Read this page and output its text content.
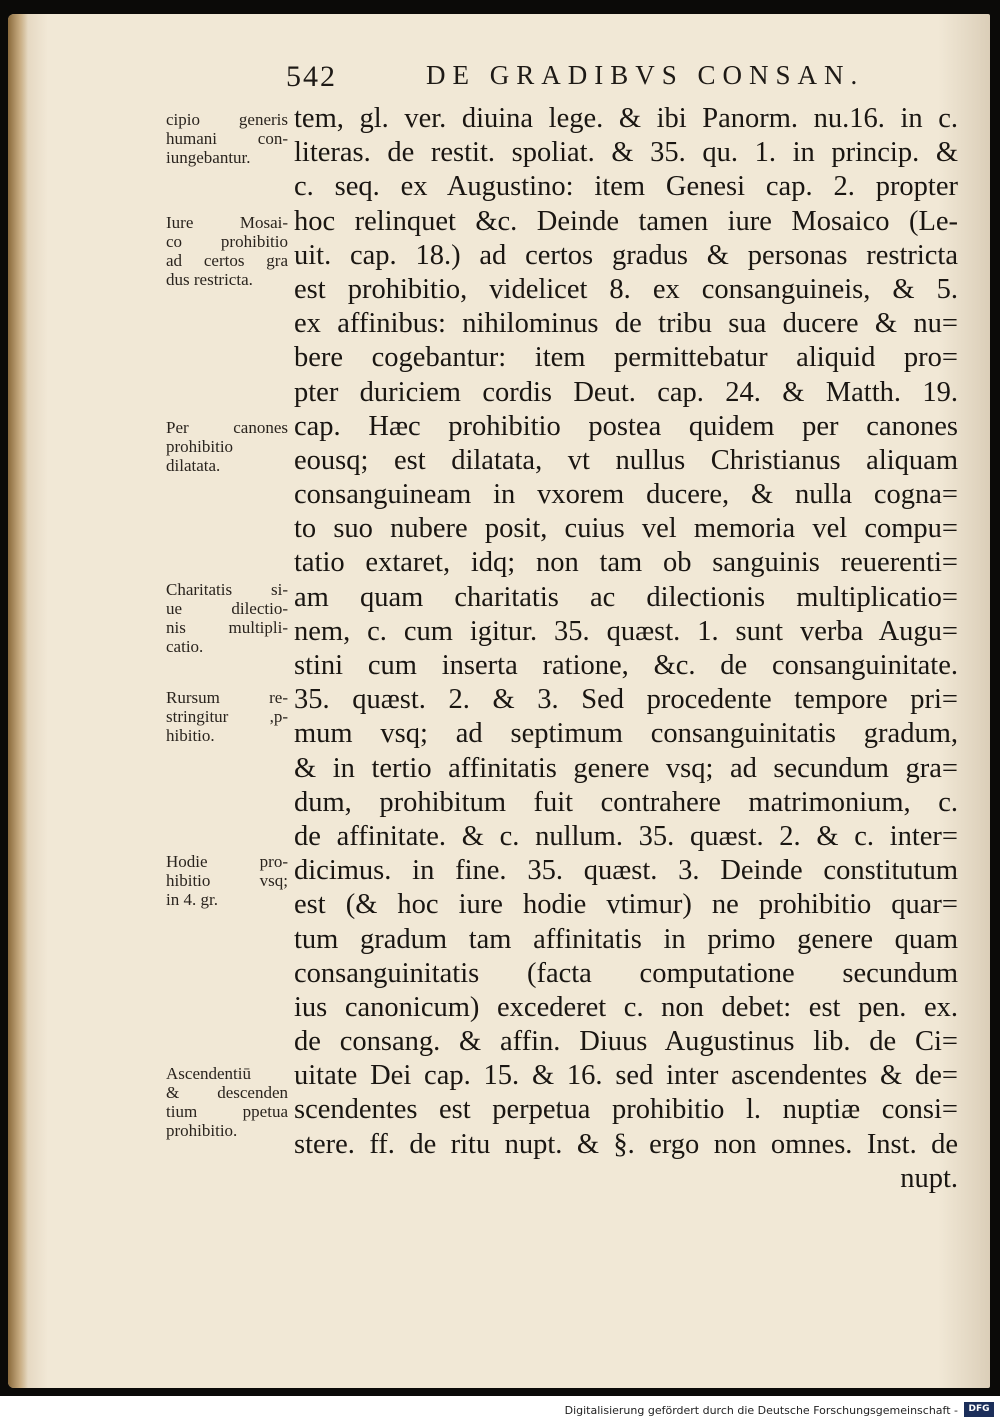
542	DE GRADIBVS CONSAN.
tem, gl. ver. diuina lege. & ibi Panorm. nu.16. in c.
literas. de restit. spoliat. & 35. qu. 1. in princip. &
c. seq. ex Augustino: item Genesi cap. 2. propter
hoc relinquet &c. Deinde tamen iure Mosaico (Le-
uit. cap. 18.) ad certos gradus & personas restricta
est prohibitio, videlicet 8. ex consanguineis, & 5.
ex affinibus: nihilominus de tribu sua ducere & nu=
bere cogebantur: item permittebatur aliquid pro=
pter duriciem cordis Deut. cap. 24. & Matth. 19.
cap. Hæc prohibitio postea quidem per canones
eousq; est dilatata, vt nullus Christianus aliquam
consanguineam in vxorem ducere, & nulla cogna=
to suo nubere posit, cuius vel memoria vel compu=
tatio extaret, idq; non tam ob sanguinis reuerenti=
am quam charitatis ac dilectionis multiplicatio=
nem, c. cum igitur. 35. quæst. 1. sunt verba Augu=
stini cum inserta ratione, &c. de consanguinitate.
35. quæst. 2. & 3. Sed procedente tempore pri=
mum vsq; ad septimum consanguinitatis gradum,
& in tertio affinitatis genere vsq; ad secundum gra=
dum, prohibitum fuit contrahere matrimonium, c.
de affinitate. & c. nullum. 35. quæst. 2. & c. inter=
dicimus. in fine. 35. quæst. 3. Deinde constitutum
est (& hoc iure hodie vtimur) ne prohibitio quar=
tum gradum tam affinitatis in primo genere quam
consanguinitatis (facta computatione secundum
ius canonicum) excederet c. non debet: est pen. ex.
de consang. & affin. Diuus Augustinus lib. de Ci=
uitate Dei cap. 15. & 16. sed inter ascendentes & de=
scendentes est perpetua prohibitio l. nuptiæ consi=
stere. ff. de ritu nupt. & §. ergo non omnes. Inst. de
nupt.
cipio generis
humani con-
iungebantur.
Iure Mosai-
co prohibitio
ad certos gra
dus restricta.
Per canones
prohibitio
dilatata.
Charitatis si-
ue dilectio-
nis multipli-
catio.
Rursum re-
stringitur ,p-
hibitio.
Hodie pro-
hibitio vsq;
in 4. gr.
Ascendentiū
& descenden
tium ppetua
prohibitio.
Digitalisierung gefördert durch die Deutsche Forschungsgemeinschaft -	DFG
